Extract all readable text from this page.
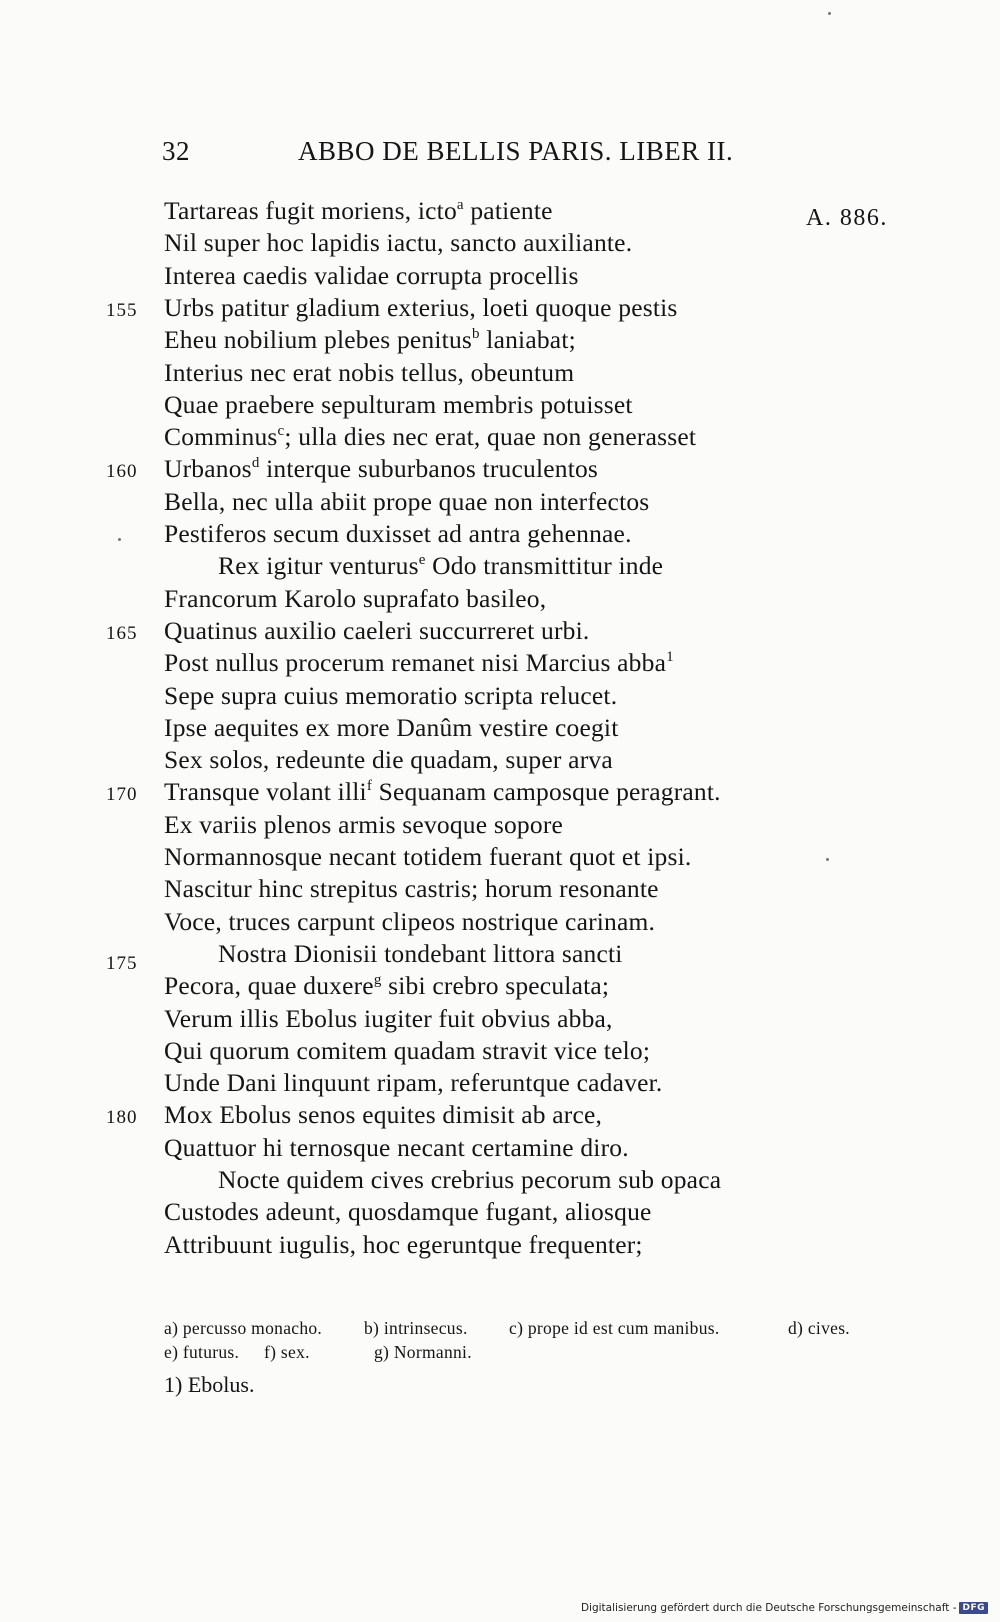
32	ABBO DE BELLIS PARIS. LIBER II.
A. 886.
Tartareas fugit moriens, icto$^a$ patiente
Nil super hoc lapidis iactu, sancto auxiliante.
Interea caedis validae corrupta procellis
155 Urbs patitur gladium exterius, loeti quoque pestis
Eheu nobilium plebes penitus$^b$ laniabat;
Interius nec erat nobis tellus, obeuntum
Quae praebere sepulturam membris potuisset
Comminus$^c$; ulla dies nec erat, quae non generasset
160 Urbanos$^d$ interque suburbanos truculentos
Bella, nec ulla abiit prope quae non interfectos
Pestiferos secum duxisset ad antra gehennae.
Rex igitur venturus$^e$ Odo transmittitur inde
Francorum Karolo suprafato basileo,
165 Quatinus auxilio caeleri succurreret urbi.
Post nullus procerum remanet nisi Marcius abba$^1$
Sepe supra cuius memoratio scripta relucet.
Ipse aequites ex more Danûm vestire coegit
Sex solos, redeunte die quadam, super arva
170 Transque volant illi$^f$ Sequanam camposque peragrant.
Ex variis plenos armis sevoque sopore
Normannosque necant totidem fuerant quot et ipsi.
Nascitur hinc strepitus castris; horum resonante
Voce, truces carpunt clipeos nostrique carinam.
175	Nostra Dionisii tondebant littora sancti
Pecora, quae duxere$^g$ sibi crebro speculata;
Verum illis Ebolus iugiter fuit obvius abba,
Qui quorum comitem quadam stravit vice telo;
Unde Dani linquunt ripam, referuntque cadaver.
180 Mox Ebolus senos equites dimisit ab arce,
Quattuor hi ternosque necant certamine diro.
Nocte quidem cives crebrius pecorum sub opaca
Custodes adeunt, quosdamque fugant, aliosque
Attribuunt iugulis, hoc egeruntque frequenter;
a) percusso monacho. b) intrinsecus. c) prope id est cum manibus.	d) cives.
e) futurus. f) sex.	g) Normanni.
1) Ebolus.
Digitalisierung gefördert durch die Deutsche Forschungsgemeinschaft - DFG
